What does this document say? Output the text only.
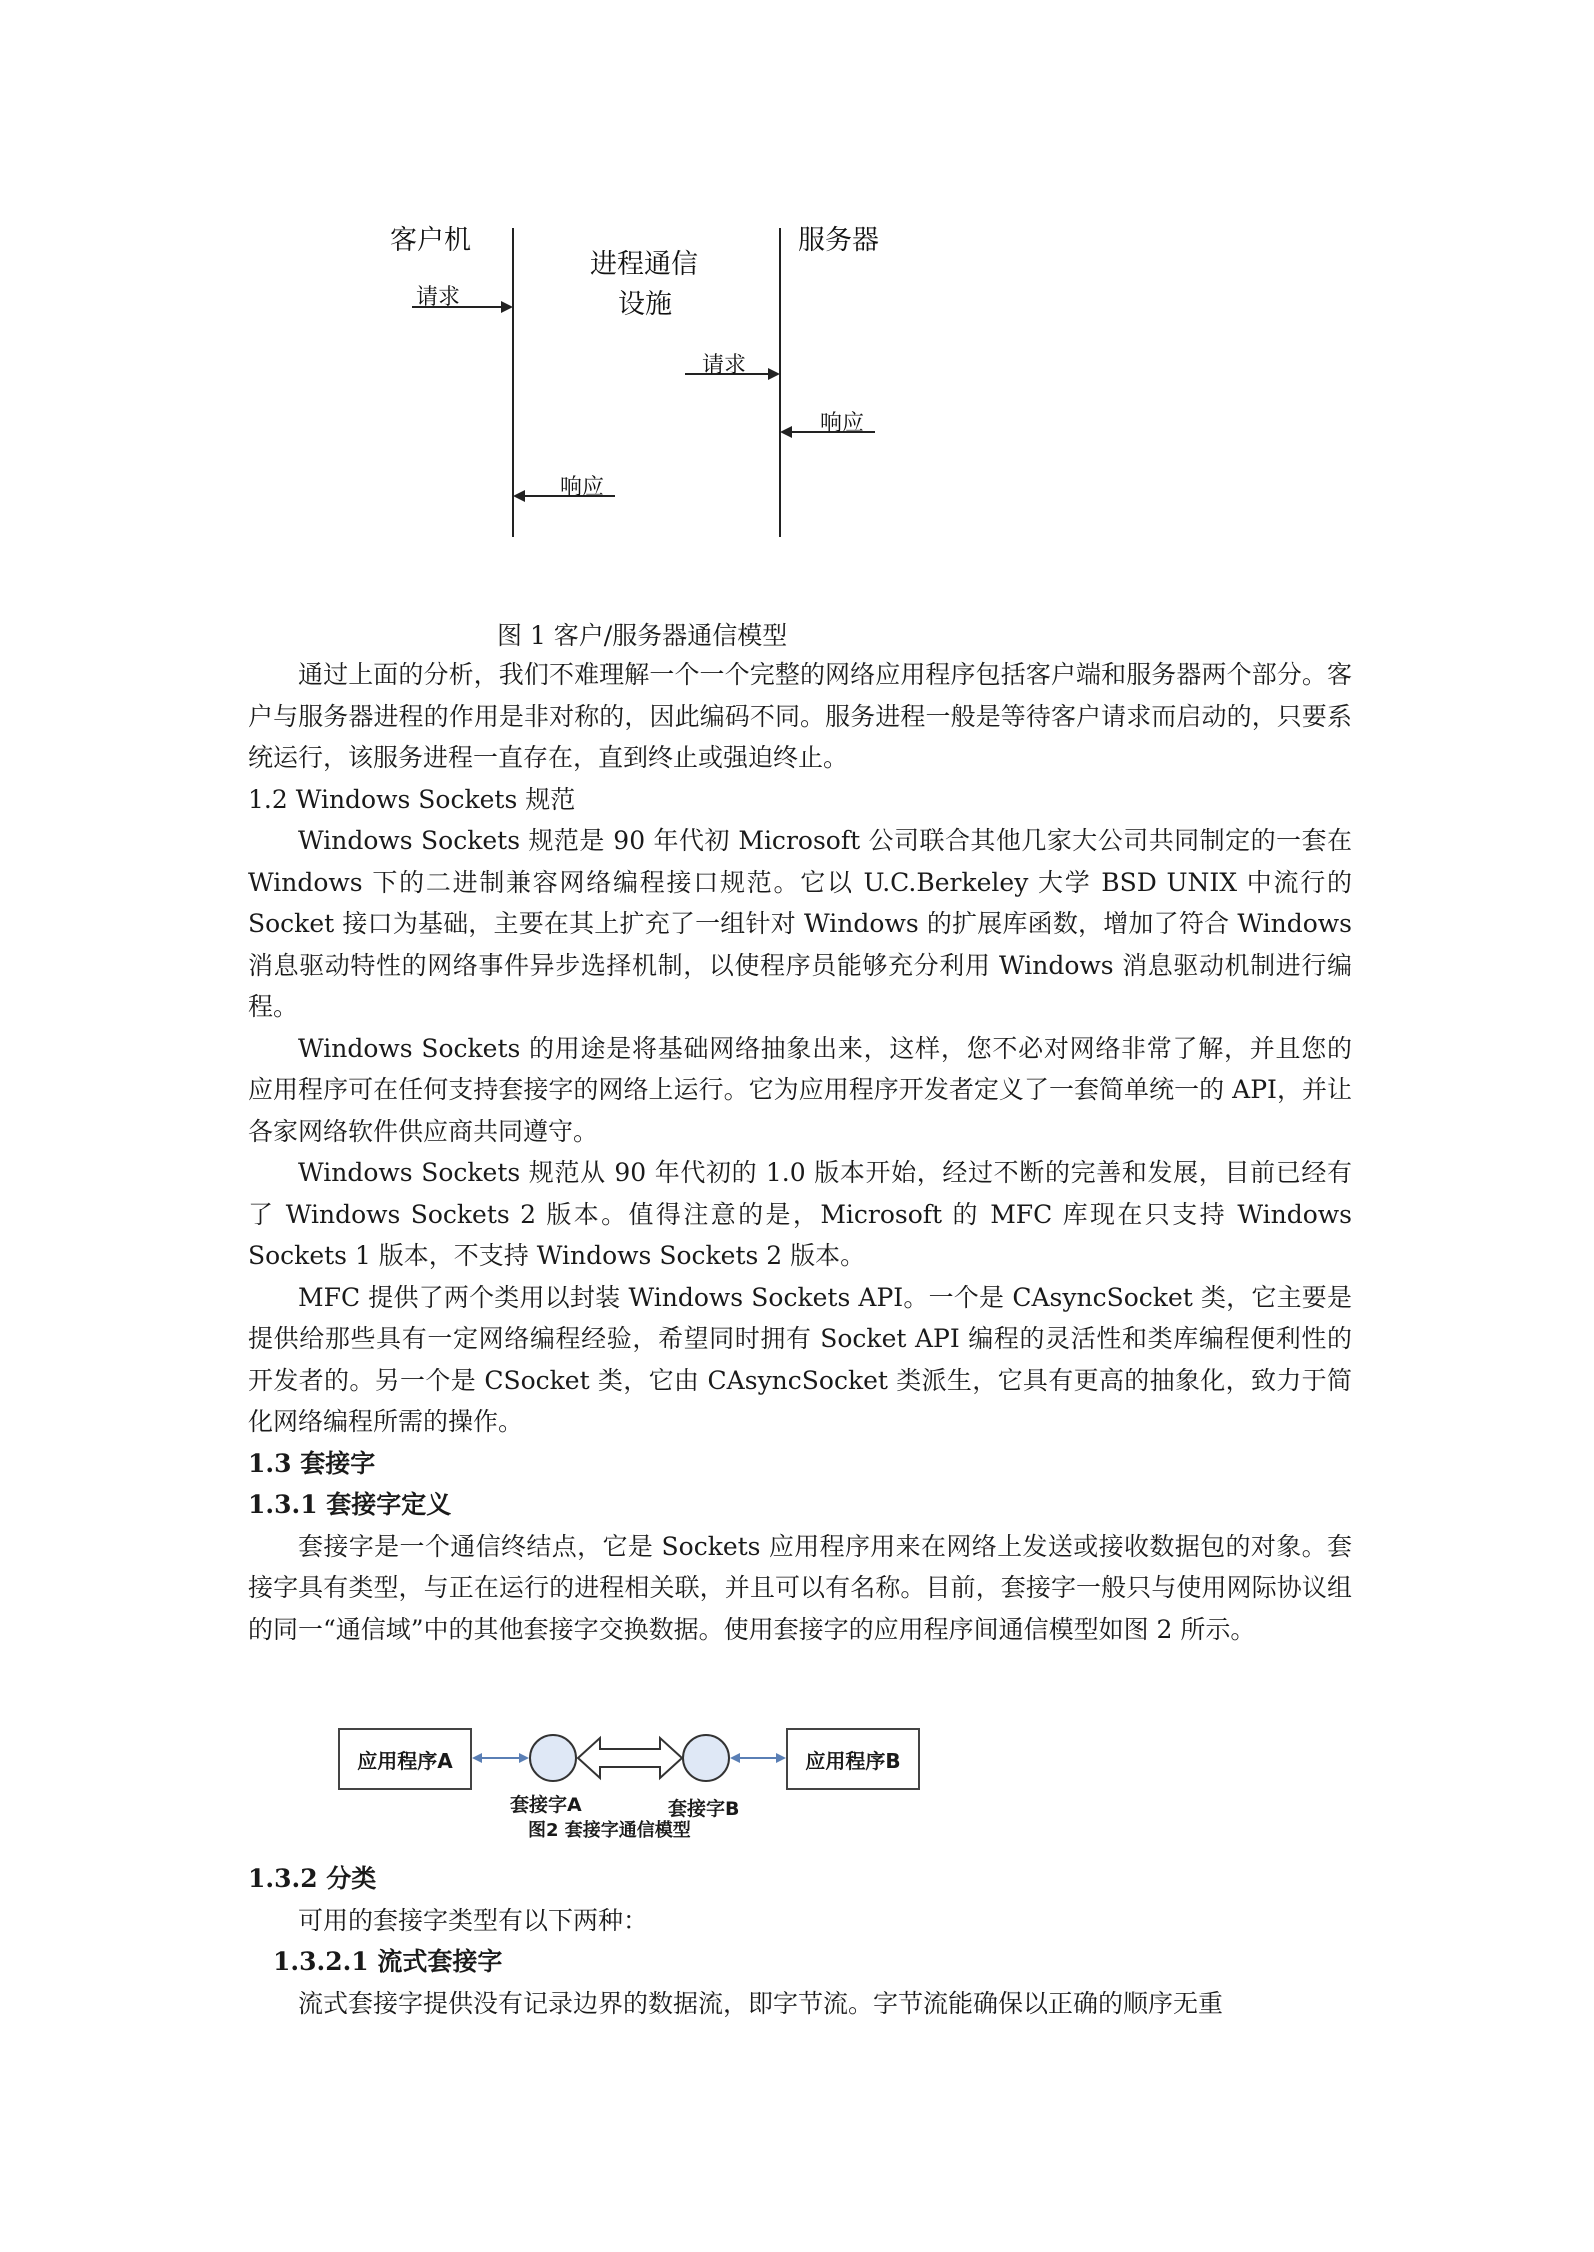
客户机
进程通信
设施
服务器
请求
请求
响应
响应
图 1 客户/服务器通信模型

通过上面的分析，我们不难理解一个一个完整的网络应用程序包括客户端和服务器两个部分。客户与服务器进程的作用是非对称的，因此编码不同。服务进程一般是等待客户请求而启动的，只要系统运行，该服务进程一直存在，直到终止或强迫终止。

1.2 Windows Sockets 规范

Windows Sockets 规范是 90 年代初 Microsoft 公司联合其他几家大公司共同制定的一套在 Windows 下的二进制兼容网络编程接口规范。它以 U.C.Berkeley 大学 BSD UNIX 中流行的 Socket 接口为基础，主要在其上扩充了一组针对 Windows 的扩展库函数，增加了符合 Windows 消息驱动特性的网络事件异步选择机制，以使程序员能够充分利用 Windows 消息驱动机制进行编程。

Windows Sockets 的用途是将基础网络抽象出来，这样，您不必对网络非常了解，并且您的应用程序可在任何支持套接字的网络上运行。它为应用程序开发者定义了一套简单统一的 API，并让各家网络软件供应商共同遵守。

Windows Sockets 规范从 90 年代初的 1.0 版本开始，经过不断的完善和发展，目前已经有了 Windows Sockets 2 版本。值得注意的是，Microsoft 的 MFC 库现在只支持 Windows Sockets 1 版本，不支持 Windows Sockets 2 版本。

MFC 提供了两个类用以封装 Windows Sockets API。一个是 CAsyncSocket 类，它主要是提供给那些具有一定网络编程经验，希望同时拥有 Socket API 编程的灵活性和类库编程便利性的开发者的。另一个是 CSocket 类，它由 CAsyncSocket 类派生，它具有更高的抽象化，致力于简化网络编程所需的操作。

1.3 套接字

1.3.1 套接字定义

套接字是一个通信终结点，它是 Sockets 应用程序用来在网络上发送或接收数据包的对象。套接字具有类型，与正在运行的进程相关联，并且可以有名称。目前，套接字一般只与使用网际协议组的同一“通信域”中的其他套接字交换数据。使用套接字的应用程序间通信模型如图 2 所示。

应用程序A	应用程序B
套接字A	套接字B
图2 套接字通信模型

1.3.2 分类

可用的套接字类型有以下两种：

1.3.2.1 流式套接字

流式套接字提供没有记录边界的数据流，即字节流。字节流能确保以正确的顺序无重
